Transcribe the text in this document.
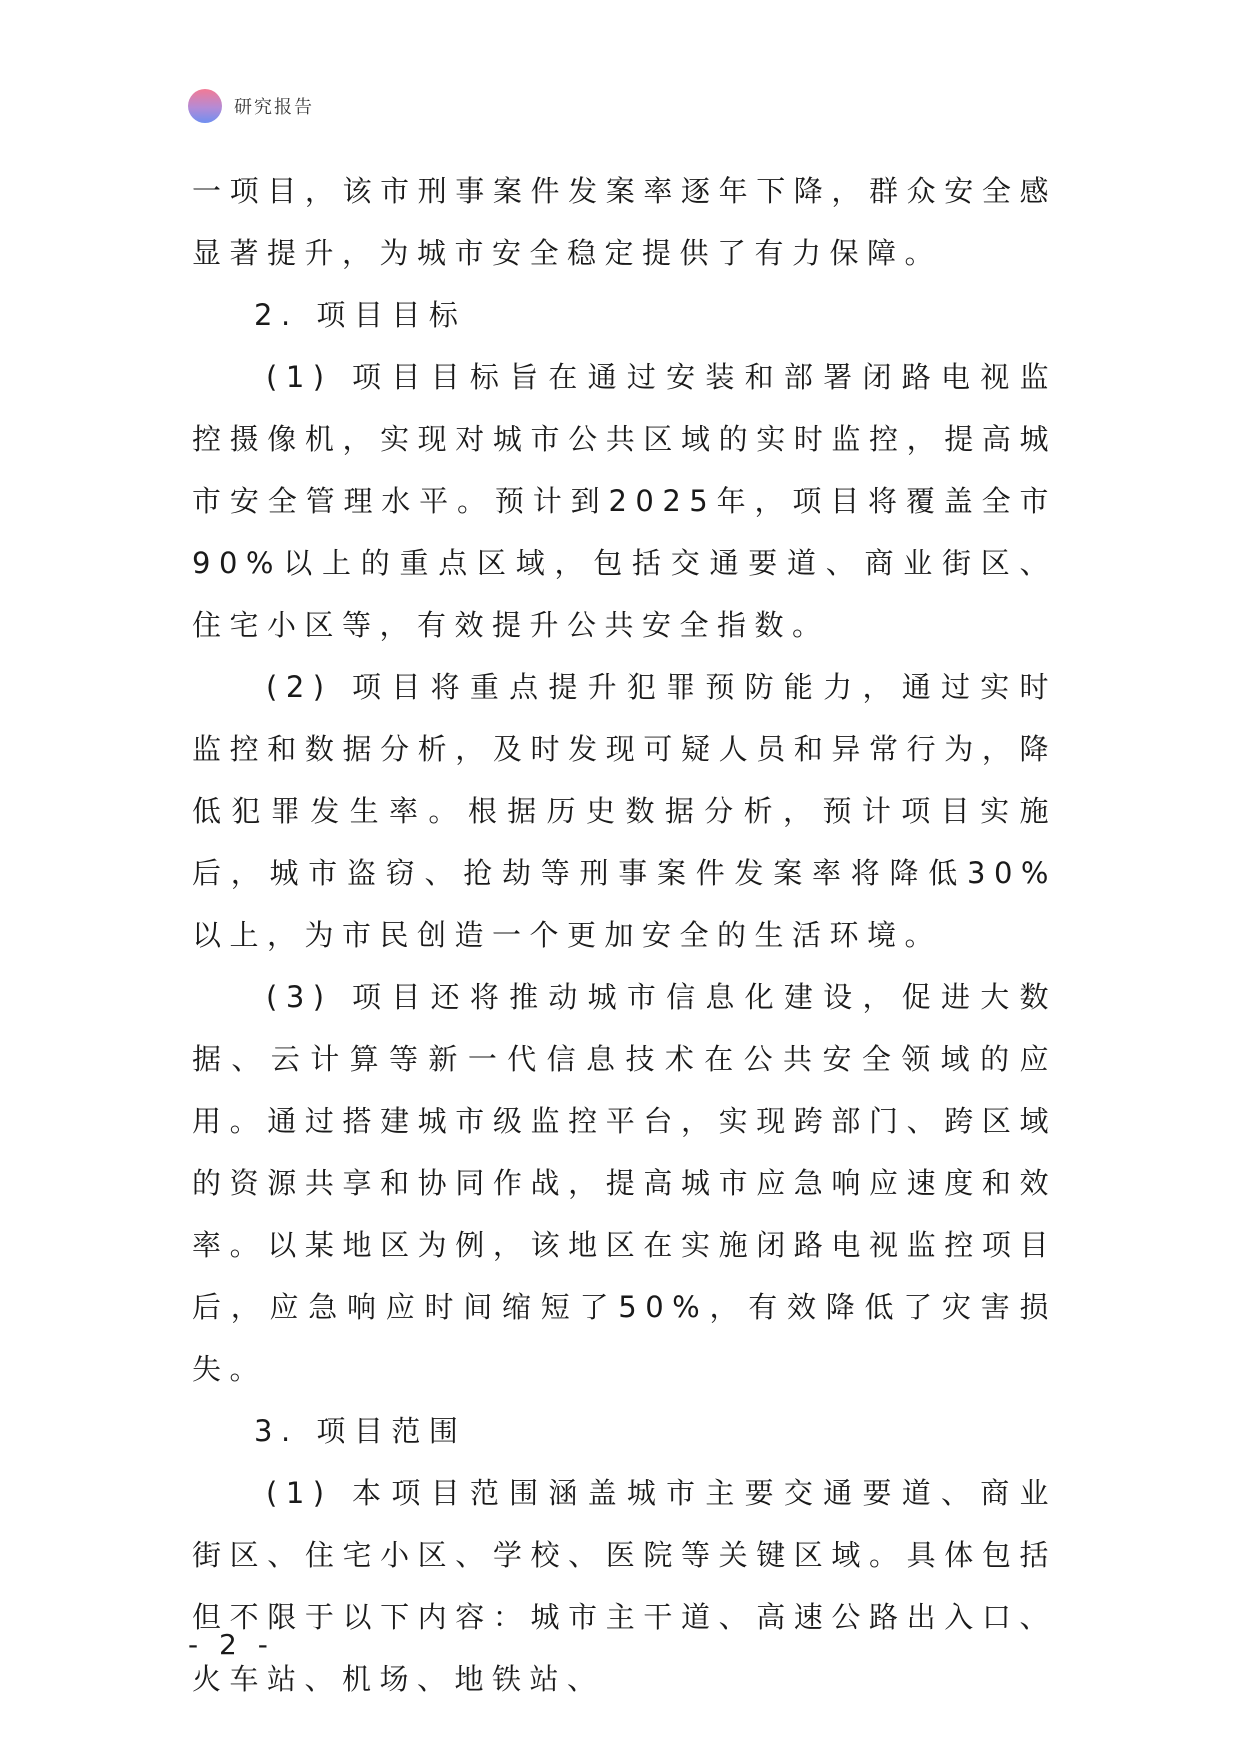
研究报告

一项目，该市刑事案件发案率逐年下降，群众安全感显著提升，为城市安全稳定提供了有力保障。

2. 项目目标

(1) 项目目标旨在通过安装和部署闭路电视监控摄像机，实现对城市公共区域的实时监控，提高城市安全管理水平。预计到2025年，项目将覆盖全市90%以上的重点区域，包括交通要道、商业街区、住宅小区等，有效提升公共安全指数。

(2) 项目将重点提升犯罪预防能力，通过实时监控和数据分析，及时发现可疑人员和异常行为，降低犯罪发生率。根据历史数据分析，预计项目实施后，城市盗窃、抢劫等刑事案件发案率将降低30%以上，为市民创造一个更加安全的生活环境。

(3) 项目还将推动城市信息化建设，促进大数据、云计算等新一代信息技术在公共安全领域的应用。通过搭建城市级监控平台，实现跨部门、跨区域的资源共享和协同作战，提高城市应急响应速度和效率。以某地区为例，该地区在实施闭路电视监控项目后，应急响应时间缩短了50%，有效降低了灾害损失。

3. 项目范围

(1) 本项目范围涵盖城市主要交通要道、商业街区、住宅小区、学校、医院等关键区域。具体包括但不限于以下内容：城市主干道、高速公路出入口、火车站、机场、地铁站、

- 2 -
